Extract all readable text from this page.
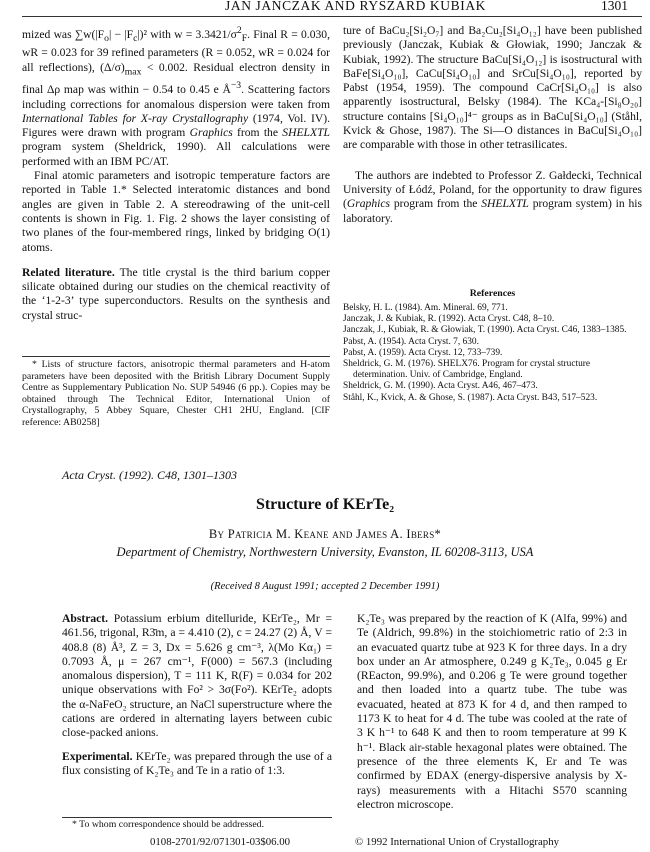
JAN JANCZAK AND RYSZARD KUBIAK	1301

mized was $\sum w(|F_o| - |F_c|)^2$ with $w = 3.3421/\sigma^2_F$. Final R = 0.030, wR = 0.023 for 39 refined parameters (R = 0.052, wR = 0.024 for all reflections), $(\Delta/\sigma)_{max} < 0.002$. Residual electron density in final Δρ map was within − 0.54 to 0.45 e $Å^{-3}$. Scattering factors including corrections for anomalous dispersion were taken from International Tables for X-ray Crystallography (1974, Vol. IV). Figures were drawn with program Graphics from the SHELXTL program system (Sheldrick, 1990). All calculations were performed with an IBM PC/AT.

Final atomic parameters and isotropic temperature factors are reported in Table 1.* Selected interatomic distances and bond angles are given in Table 2. A stereodrawing of the unit-cell contents is shown in Fig. 1. Fig. 2 shows the layer consisting of two planes of the four-membered rings, linked by bridging O(1) atoms.

Related literature. The title crystal is the third barium copper silicate obtained during our studies on the chemical reactivity of the ‘1-2-3’ type superconductors. Results on the synthesis and crystal struc-

* Lists of structure factors, anisotropic thermal parameters and H-atom parameters have been deposited with the British Library Document Supply Centre as Supplementary Publication No. SUP 54946 (6 pp.). Copies may be obtained through The Technical Editor, International Union of Crystallography, 5 Abbey Square, Chester CH1 2HU, England. [CIF reference: AB0258]

ture of BaCu₂[Si₂O₇] and Ba₂Cu₂[Si₄O₁₂] have been published previously (Janczak, Kubiak & Głowiak, 1990; Janczak & Kubiak, 1992). The structure BaCu[Si₄O₁₂] is isostructural with BaFe[Si₄O₁₀], CaCu[Si₄O₁₀] and SrCu[Si₄O₁₀], reported by Pabst (1954, 1959). The compound CaCr[Si₄O₁₀] is also apparently isostructural, Belsky (1984). The KCa₄-[Si₈O₂₀] structure contains [Si₄O₁₀]⁴⁻ groups as in BaCu[Si₄O₁₀] (Ståhl, Kvick & Ghose, 1987). The Si—O distances in BaCu[Si₄O₁₀] are comparable with those in other tetrasilicates.

The authors are indebted to Professor Z. Gałdecki, Technical University of Łódź, Poland, for the opportunity to draw figures (Graphics program from the SHELXTL program system) in his laboratory.

References
Belsky, H. L. (1984). Am. Mineral. 69, 771.
Janczak, J. & Kubiak, R. (1992). Acta Cryst. C48, 8–10.
Janczak, J., Kubiak, R. & Głowiak, T. (1990). Acta Cryst. C46, 1383–1385.
Pabst, A. (1954). Acta Cryst. 7, 630.
Pabst, A. (1959). Acta Cryst. 12, 733–739.
Sheldrick, G. M. (1976). SHELX76. Program for crystal structure determination. Univ. of Cambridge, England.
Sheldrick, G. M. (1990). Acta Cryst. A46, 467–473.
Ståhl, K., Kvick, A. & Ghose, S. (1987). Acta Cryst. B43, 517–523.
Acta Cryst. (1992). C48, 1301–1303
Structure of KErTe₂
By Patricia M. Keane and James A. Ibers*
Department of Chemistry, Northwestern University, Evanston, IL 60208-3113, USA
(Received 8 August 1991; accepted 2 December 1991)

Abstract. Potassium erbium ditelluride, KErTe₂, Mr = 461.56, trigonal, R3̄m, a = 4.410 (2), c = 24.27 (2) Å, V = 408.8 (8) Å³, Z = 3, Dx = 5.626 g cm⁻³, λ(Mo Kα₁) = 0.7093 Å, μ = 267 cm⁻¹, F(000) = 567.3 (including anomalous dispersion), T = 111 K, R(F) = 0.034 for 202 unique observations with Fo² > 3σ(Fo²). KErTe₂ adopts the α-NaFeO₂ structure, an NaCl superstructure where the cations are ordered in alternating layers between cubic close-packed anions.

Experimental. KErTe₂ was prepared through the use of a flux consisting of K₂Te₃ and Te in a ratio of 1:3.

* To whom correspondence should be addressed.

K₂Te₃ was prepared by the reaction of K (Alfa, 99%) and Te (Aldrich, 99.8%) in the stoichiometric ratio of 2:3 in an evacuated quartz tube at 923 K for three days. In a dry box under an Ar atmosphere, 0.249 g K₂Te₃, 0.045 g Er (REacton, 99.9%), and 0.206 g Te were ground together and then loaded into a quartz tube. The tube was evacuated, heated at 873 K for 4 d, and then ramped to 1173 K to heat for 4 d. The tube was cooled at the rate of 3 K h⁻¹ to 648 K and then to room temperature at 99 K h⁻¹. Black air-stable hexagonal plates were obtained. The presence of the three elements K, Er and Te was confirmed by EDAX (energy-dispersive analysis by X-rays) measurements with a Hitachi S570 scanning electron microscope.

0108-2701/92/071301-03$06.00	© 1992 International Union of Crystallography
